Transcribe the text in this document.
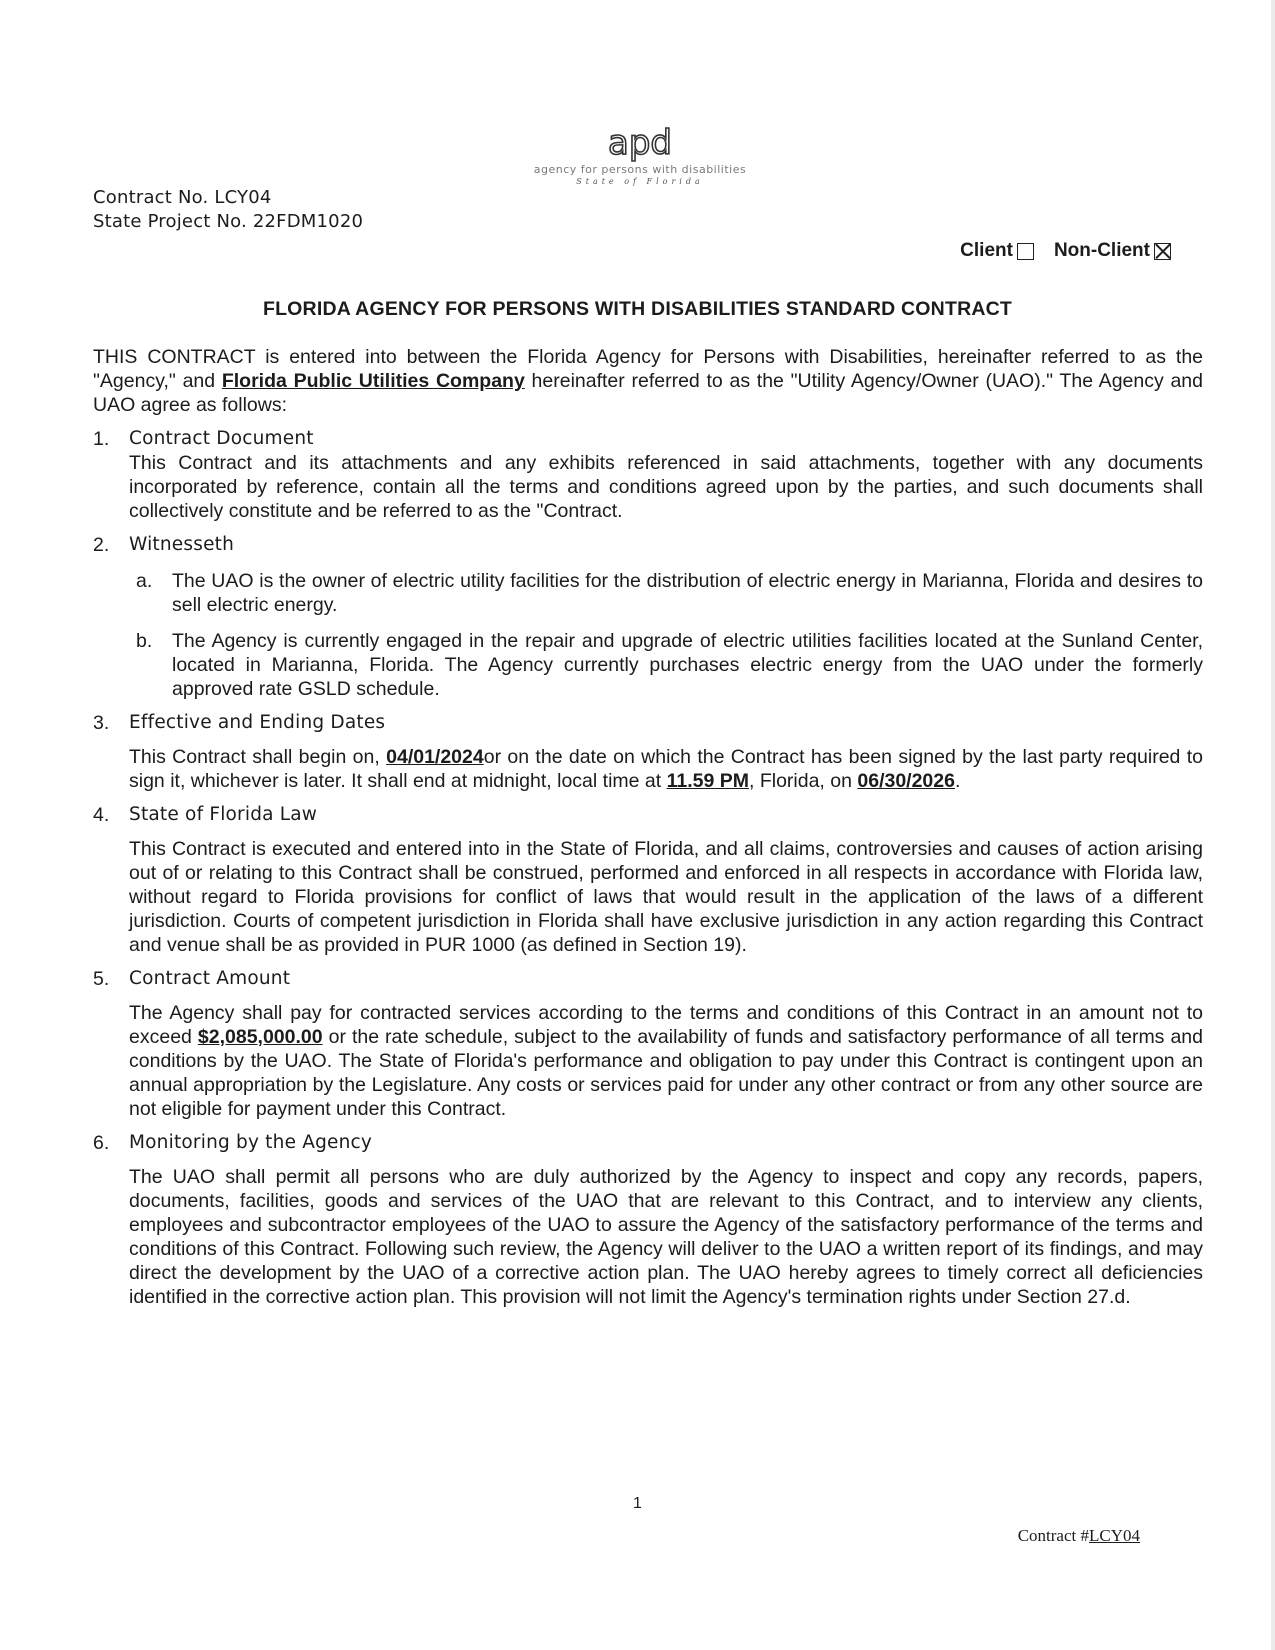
apd
agency for persons with disabilities
State of Florida
Contract No. LCY04
State Project No. 22FDM1020
Client Non-Client
FLORIDA AGENCY FOR PERSONS WITH DISABILITIES STANDARD CONTRACT

THIS CONTRACT is entered into between the Florida Agency for Persons with Disabilities, hereinafter referred to as the "Agency," and Florida Public Utilities Company hereinafter referred to as the "Utility Agency/Owner (UAO)." The Agency and UAO agree as follows:

1.	Contract Document
This Contract and its attachments and any exhibits referenced in said attachments, together with any documents incorporated by reference, contain all the terms and conditions agreed upon by the parties, and such documents shall collectively constitute and be referred to as the "Contract.
2.	Witnesseth
a.	The UAO is the owner of electric utility facilities for the distribution of electric energy in Marianna, Florida and desires to sell electric energy.
b.	The Agency is currently engaged in the repair and upgrade of electric utilities facilities located at the Sunland Center, located in Marianna, Florida. The Agency currently purchases electric energy from the UAO under the formerly approved rate GSLD schedule.
3.	Effective and Ending Dates
This Contract shall begin on, 04/01/2024or on the date on which the Contract has been signed by the last party required to sign it, whichever is later. It shall end at midnight, local time at 11.59 PM, Florida, on 06/30/2026.
4.	State of Florida Law
This Contract is executed and entered into in the State of Florida, and all claims, controversies and causes of action arising out of or relating to this Contract shall be construed, performed and enforced in all respects in accordance with Florida law, without regard to Florida provisions for conflict of laws that would result in the application of the laws of a different jurisdiction. Courts of competent jurisdiction in Florida shall have exclusive jurisdiction in any action regarding this Contract and venue shall be as provided in PUR 1000 (as defined in Section 19).
5.	Contract Amount
The Agency shall pay for contracted services according to the terms and conditions of this Contract in an amount not to exceed $2,085,000.00 or the rate schedule, subject to the availability of funds and satisfactory performance of all terms and conditions by the UAO. The State of Florida's performance and obligation to pay under this Contract is contingent upon an annual appropriation by the Legislature. Any costs or services paid for under any other contract or from any other source are not eligible for payment under this Contract.
6.	Monitoring by the Agency
The UAO shall permit all persons who are duly authorized by the Agency to inspect and copy any records, papers, documents, facilities, goods and services of the UAO that are relevant to this Contract, and to interview any clients, employees and subcontractor employees of the UAO to assure the Agency of the satisfactory performance of the terms and conditions of this Contract. Following such review, the Agency will deliver to the UAO a written report of its findings, and may direct the development by the UAO of a corrective action plan. The UAO hereby agrees to timely correct all deficiencies identified in the corrective action plan. This provision will not limit the Agency's termination rights under Section 27.d.
1
Contract #LCY04
